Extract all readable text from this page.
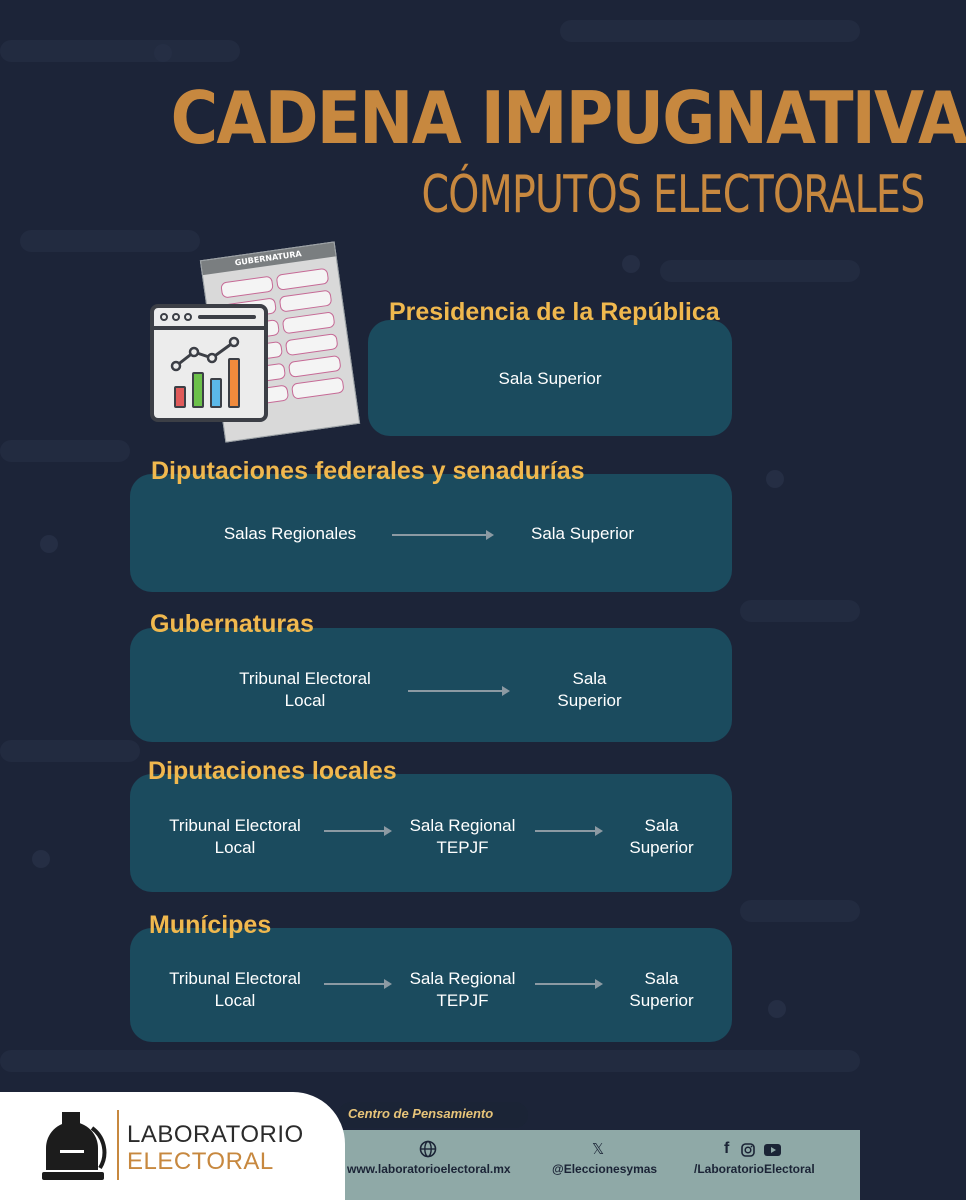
CADENA IMPUGNATIVA
CÓMPUTOS ELECTORALES
GUBERNATURA
Presidencia de la República
Sala Superior
Diputaciones federales y senadurías
Salas Regionales	Sala Superior
Gubernaturas
Tribunal Electoral Local
Sala Superior
Diputaciones locales
Tribunal Electoral Local
Sala Regional TEPJF
Sala Superior
Munícipes
Tribunal Electoral Local
Sala Regional TEPJF
Sala Superior
LABORATORIO
ELECTORAL
Centro de Pensamiento
www.laboratorioelectoral.mx
𝕏
@Eleccionesymas
f
/LaboratorioElectoral
